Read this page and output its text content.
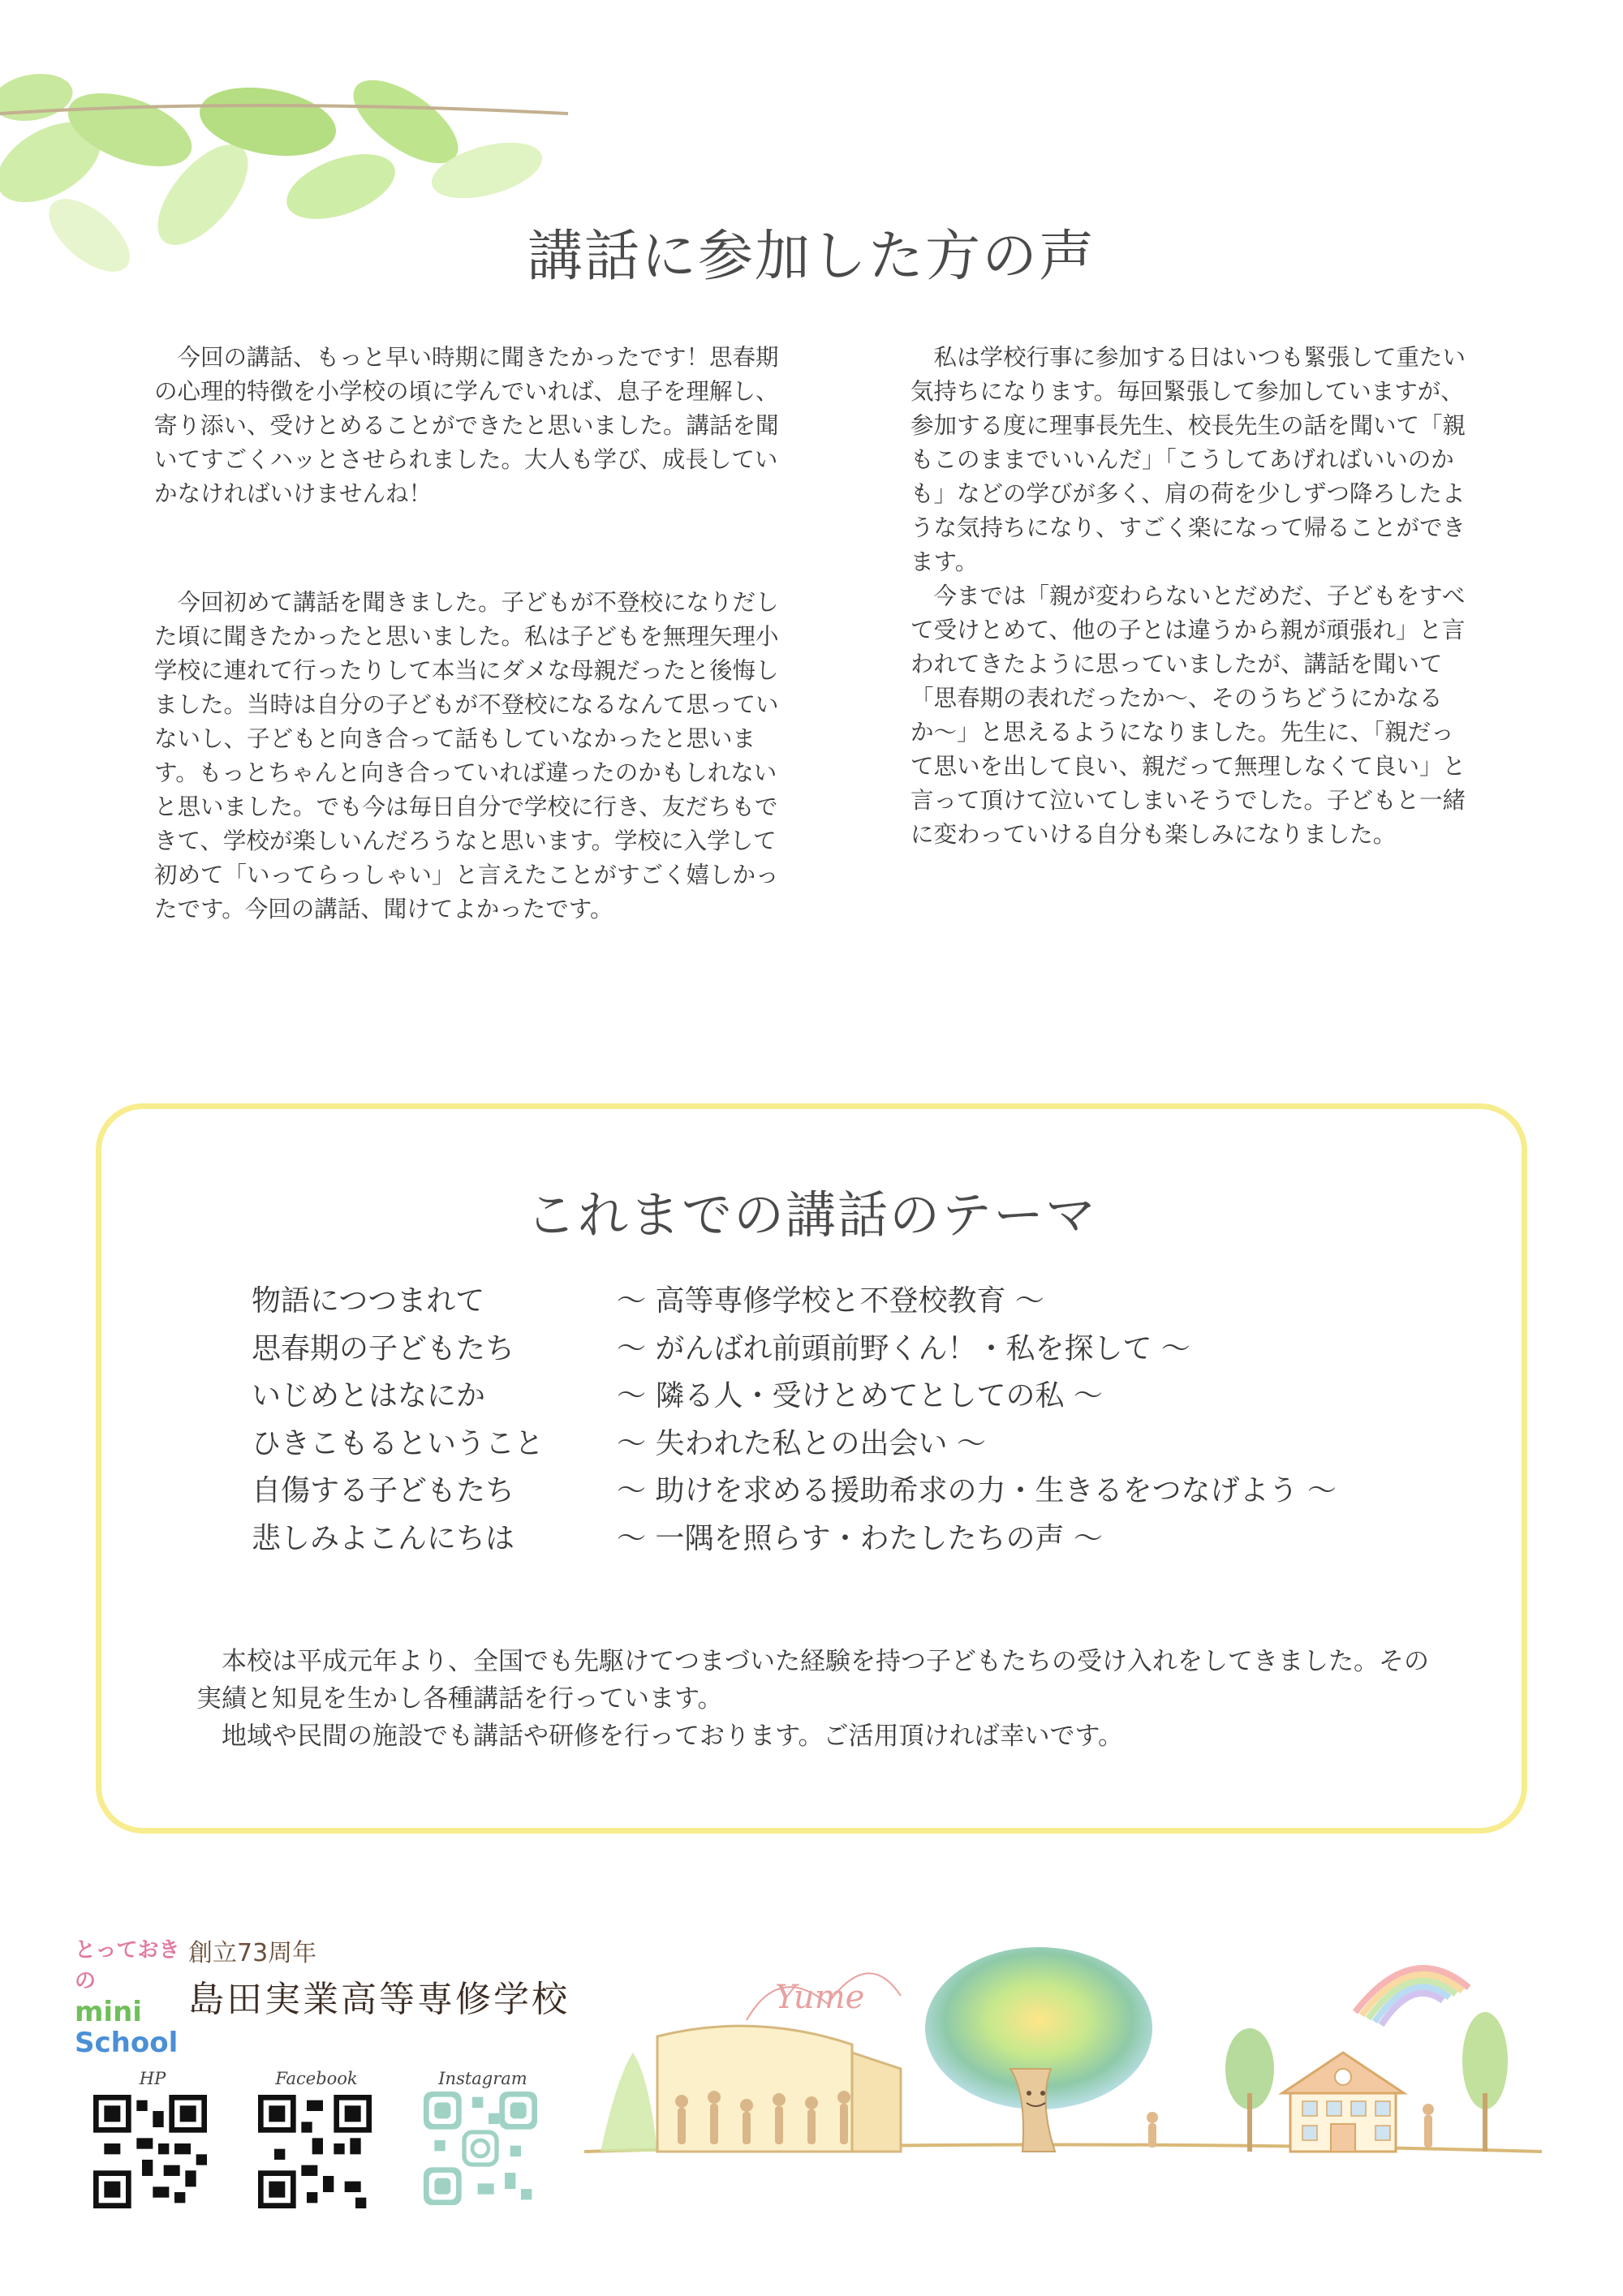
講話に参加した方の声

今回の講話、もっと早い時期に聞きたかったです！思春期の心理的特徴を小学校の頃に学んでいれば、息子を理解し、寄り添い、受けとめることができたと思いました。講話を聞いてすごくハッとさせられました。大人も学び、成長していかなければいけませんね！

今回初めて講話を聞きました。子どもが不登校になりだした頃に聞きたかったと思いました。私は子どもを無理矢理小学校に連れて行ったりして本当にダメな母親だったと後悔しました。当時は自分の子どもが不登校になるなんて思っていないし、子どもと向き合って話もしていなかったと思います。もっとちゃんと向き合っていれば違ったのかもしれないと思いました。でも今は毎日自分で学校に行き、友だちもできて、学校が楽しいんだろうなと思います。学校に入学して初めて「いってらっしゃい」と言えたことがすごく嬉しかったです。今回の講話、聞けてよかったです。

私は学校行事に参加する日はいつも緊張して重たい気持ちになります。毎回緊張して参加していますが、参加する度に理事長先生、校長先生の話を聞いて「親もこのままでいいんだ」「こうしてあげればいいのかも」などの学びが多く、肩の荷を少しずつ降ろしたような気持ちになり、すごく楽になって帰ることができます。

今までは「親が変わらないとだめだ、子どもをすべて受けとめて、他の子とは違うから親が頑張れ」と言われてきたように思っていましたが、講話を聞いて「思春期の表れだったか〜、そのうちどうにかなるか〜」と思えるようになりました。先生に、「親だって思いを出して良い、親だって無理しなくて良い」と言って頂けて泣いてしまいそうでした。子どもと一緒に変わっていける自分も楽しみになりました。

これまでの講話のテーマ
物語につつまれて	〜 高等専修学校と不登校教育 〜
思春期の子どもたち	〜 がんばれ前頭前野くん！・私を探して 〜
いじめとはなにか	〜 隣る人・受けとめてとしての私 〜
ひきこもるということ	〜 失われた私との出会い 〜
自傷する子どもたち	〜 助けを求める援助希求の力・生きるをつなげよう 〜
悲しみよこんにちは	〜 一隅を照らす・わたしたちの声 〜

本校は平成元年より、全国でも先駆けてつまづいた経験を持つ子どもたちの受け入れをしてきました。その実績と知見を生かし各種講話を行っています。

地域や民間の施設でも講話や研修を行っております。ご活用頂ければ幸いです。

とっておきの
mini
School
創立73周年
島田実業高等専修学校
HP	Facebook	Instagram
Yume
